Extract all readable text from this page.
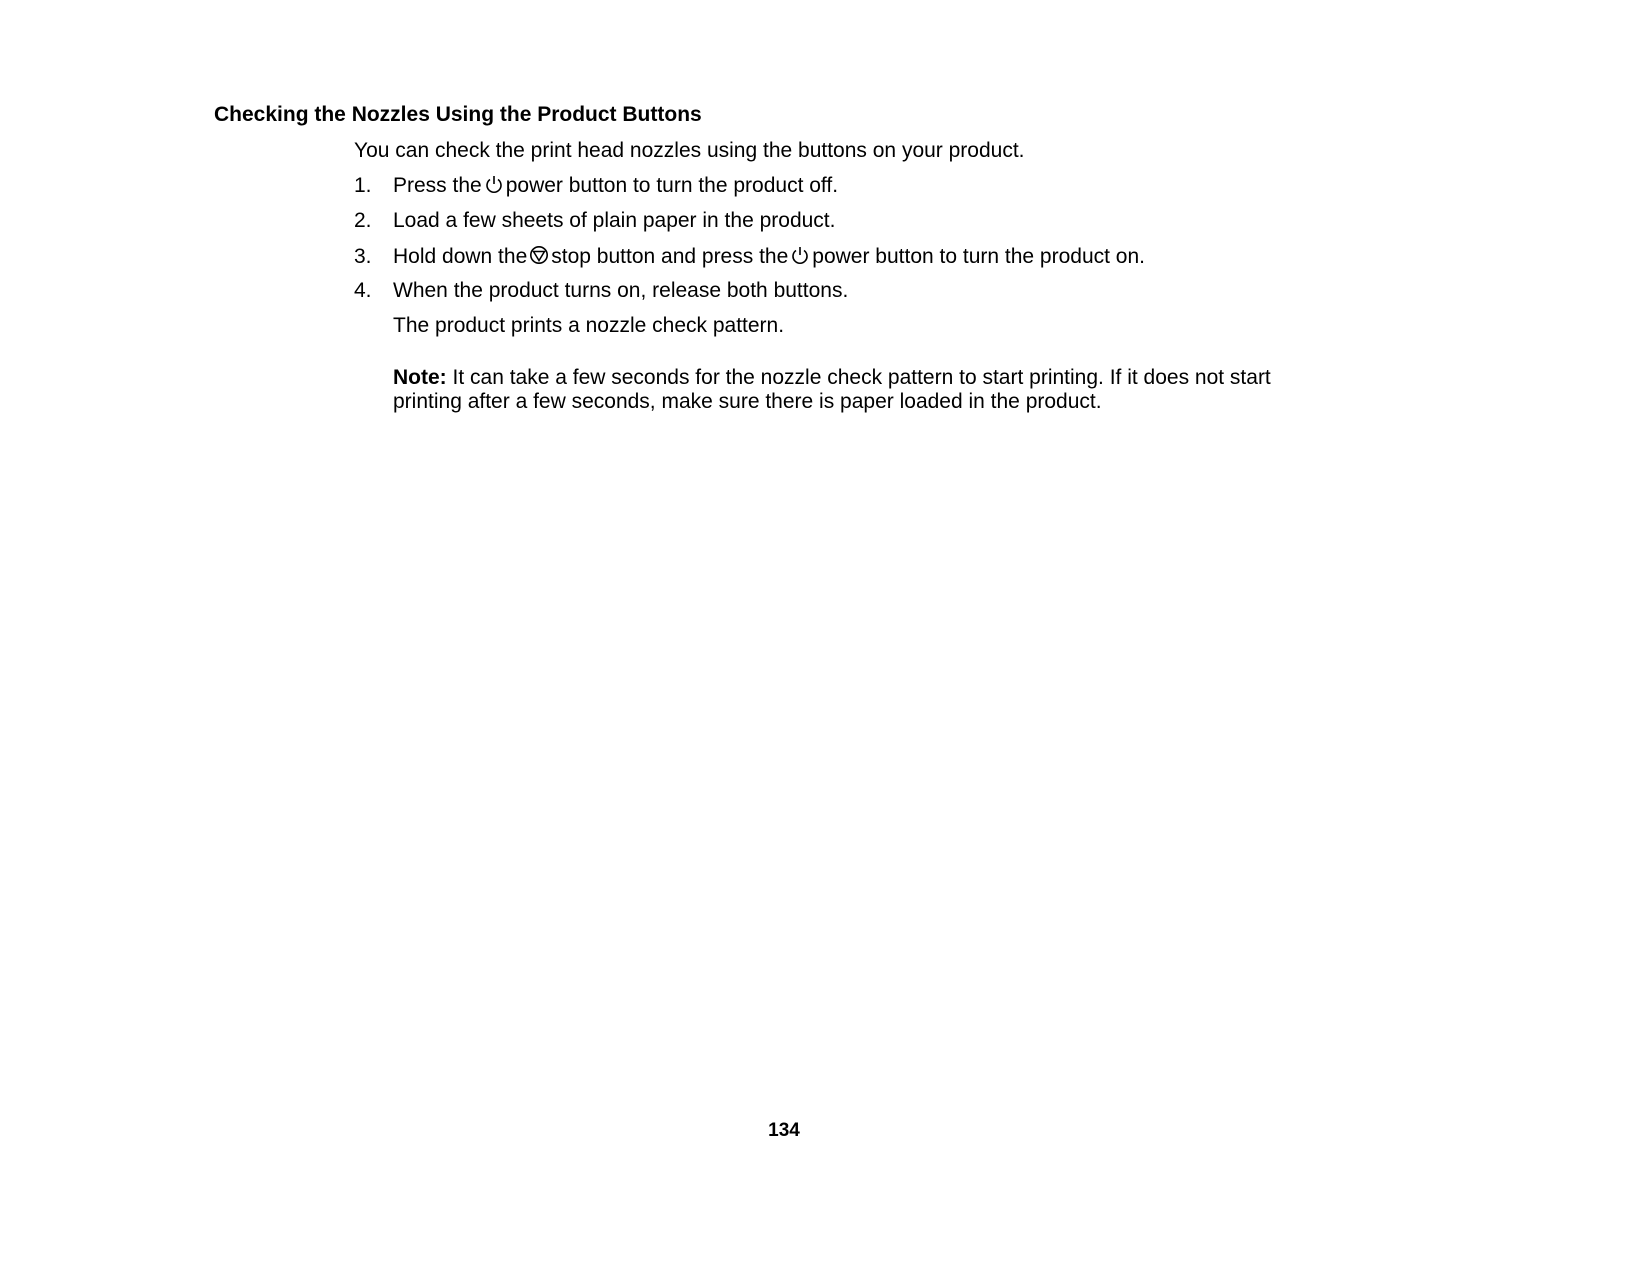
Checking the Nozzles Using the Product Buttons
You can check the print head nozzles using the buttons on your product.
1. Press the power button to turn the product off.
2. Load a few sheets of plain paper in the product.
3. Hold down the stop button and press the power button to turn the product on.
4. When the product turns on, release both buttons.
The product prints a nozzle check pattern.
Note: It can take a few seconds for the nozzle check pattern to start printing. If it does not start printing after a few seconds, make sure there is paper loaded in the product.
134
